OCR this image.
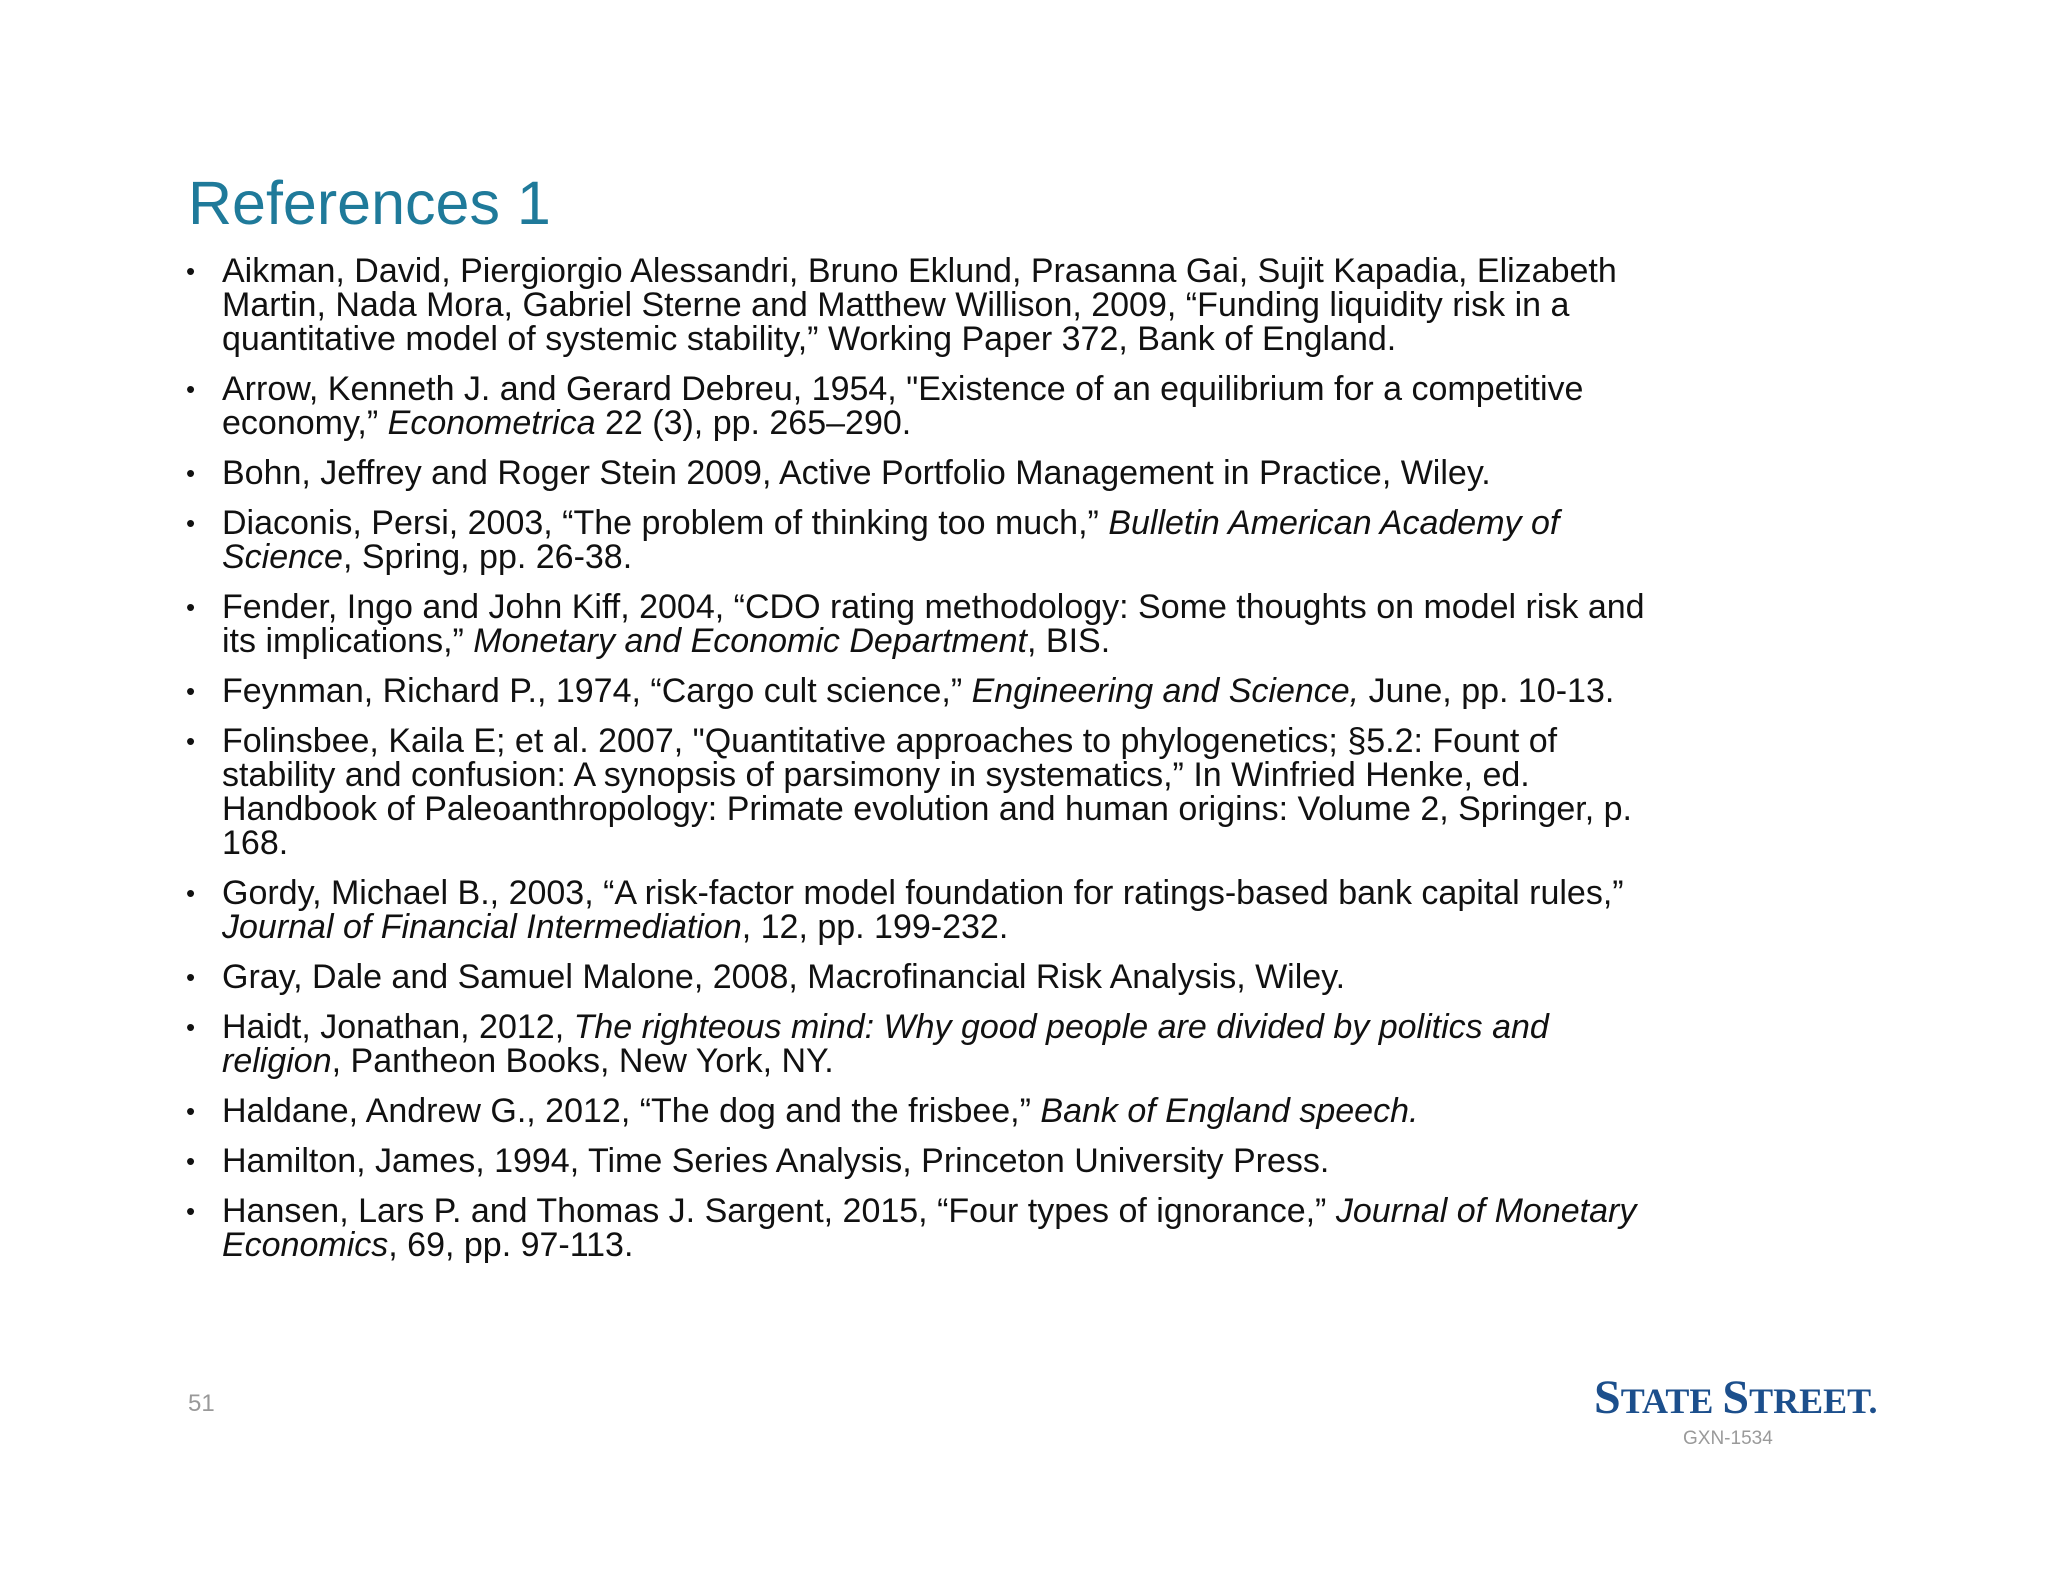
References 1
• Aikman, David, Piergiorgio Alessandri, Bruno Eklund, Prasanna Gai, Sujit Kapadia, Elizabeth
Martin, Nada Mora, Gabriel Sterne and Matthew Willison, 2009, “Funding liquidity risk in a
quantitative model of systemic stability,” Working Paper 372, Bank of England.
• Arrow, Kenneth J. and Gerard Debreu, 1954, "Existence of an equilibrium for a competitive
economy,” Econometrica 22 (3), pp. 265–290.
• Bohn, Jeffrey and Roger Stein 2009, Active Portfolio Management in Practice, Wiley.
• Diaconis, Persi, 2003, “The problem of thinking too much,” Bulletin American Academy of
Science, Spring, pp. 26-38.
• Fender, Ingo and John Kiff, 2004, “CDO rating methodology: Some thoughts on model risk and
its implications,” Monetary and Economic Department, BIS.
• Feynman, Richard P., 1974, “Cargo cult science,” Engineering and Science, June, pp. 10-13.
• Folinsbee, Kaila E; et al. 2007, "Quantitative approaches to phylogenetics; §5.2: Fount of
stability and confusion: A synopsis of parsimony in systematics,” In Winfried Henke, ed.
Handbook of Paleoanthropology: Primate evolution and human origins: Volume 2, Springer, p.
168.
• Gordy, Michael B., 2003, “A risk-factor model foundation for ratings-based bank capital rules,”
Journal of Financial Intermediation, 12, pp. 199-232.
• Gray, Dale and Samuel Malone, 2008, Macrofinancial Risk Analysis, Wiley.
• Haidt, Jonathan, 2012, The righteous mind: Why good people are divided by politics and
religion, Pantheon Books, New York, NY.
• Haldane, Andrew G., 2012, “The dog and the frisbee,” Bank of England speech.
• Hamilton, James, 1994, Time Series Analysis, Princeton University Press.
• Hansen, Lars P. and Thomas J. Sargent, 2015, “Four types of ignorance,” Journal of Monetary
Economics, 69, pp. 97-113.
51	STATE STREET.
GXN-1534
